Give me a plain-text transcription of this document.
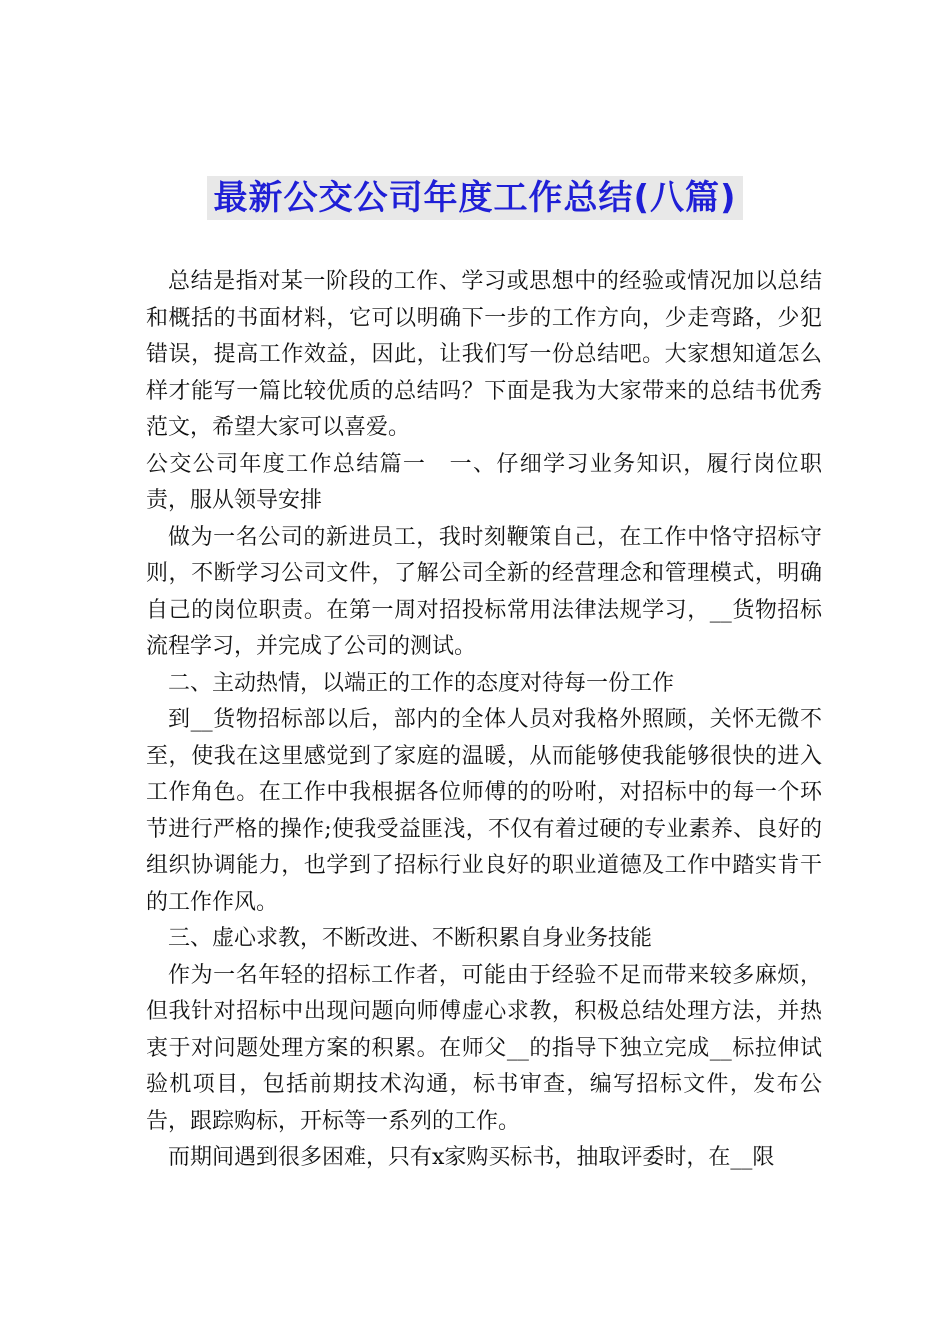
最新公交公司年度工作总结(八篇)

总结是指对某一阶段的工作、学习或思想中的经验或情况加以总结和概括的书面材料，它可以明确下一步的工作方向，少走弯路，少犯错误，提高工作效益，因此，让我们写一份总结吧。大家想知道怎么样才能写一篇比较优质的总结吗？下面是我为大家带来的总结书优秀范文，希望大家可以喜爱。

公交公司年度工作总结篇一　一、仔细学习业务知识，履行岗位职责，服从领导安排

做为一名公司的新进员工，我时刻鞭策自己，在工作中恪守招标守则，不断学习公司文件，了解公司全新的经营理念和管理模式，明确自己的岗位职责。在第一周对招投标常用法律法规学习，__货物招标流程学习，并完成了公司的测试。

二、主动热情，以端正的工作的态度对待每一份工作

到__货物招标部以后，部内的全体人员对我格外照顾，关怀无微不至，使我在这里感觉到了家庭的温暖，从而能够使我能够很快的进入工作角色。在工作中我根据各位师傅的的吩咐，对招标中的每一个环节进行严格的操作;使我受益匪浅，不仅有着过硬的专业素养、良好的组织协调能力，也学到了招标行业良好的职业道德及工作中踏实肯干的工作作风。

三、虚心求教，不断改进、不断积累自身业务技能

作为一名年轻的招标工作者，可能由于经验不足而带来较多麻烦，但我针对招标中出现问题向师傅虚心求教，积极总结处理方法，并热衷于对问题处理方案的积累。在师父__的指导下独立完成__标拉伸试验机项目，包括前期技术沟通，标书审查，编写招标文件，发布公告，跟踪购标，开标等一系列的工作。

而期间遇到很多困难，只有x家购买标书，抽取评委时，在__限
